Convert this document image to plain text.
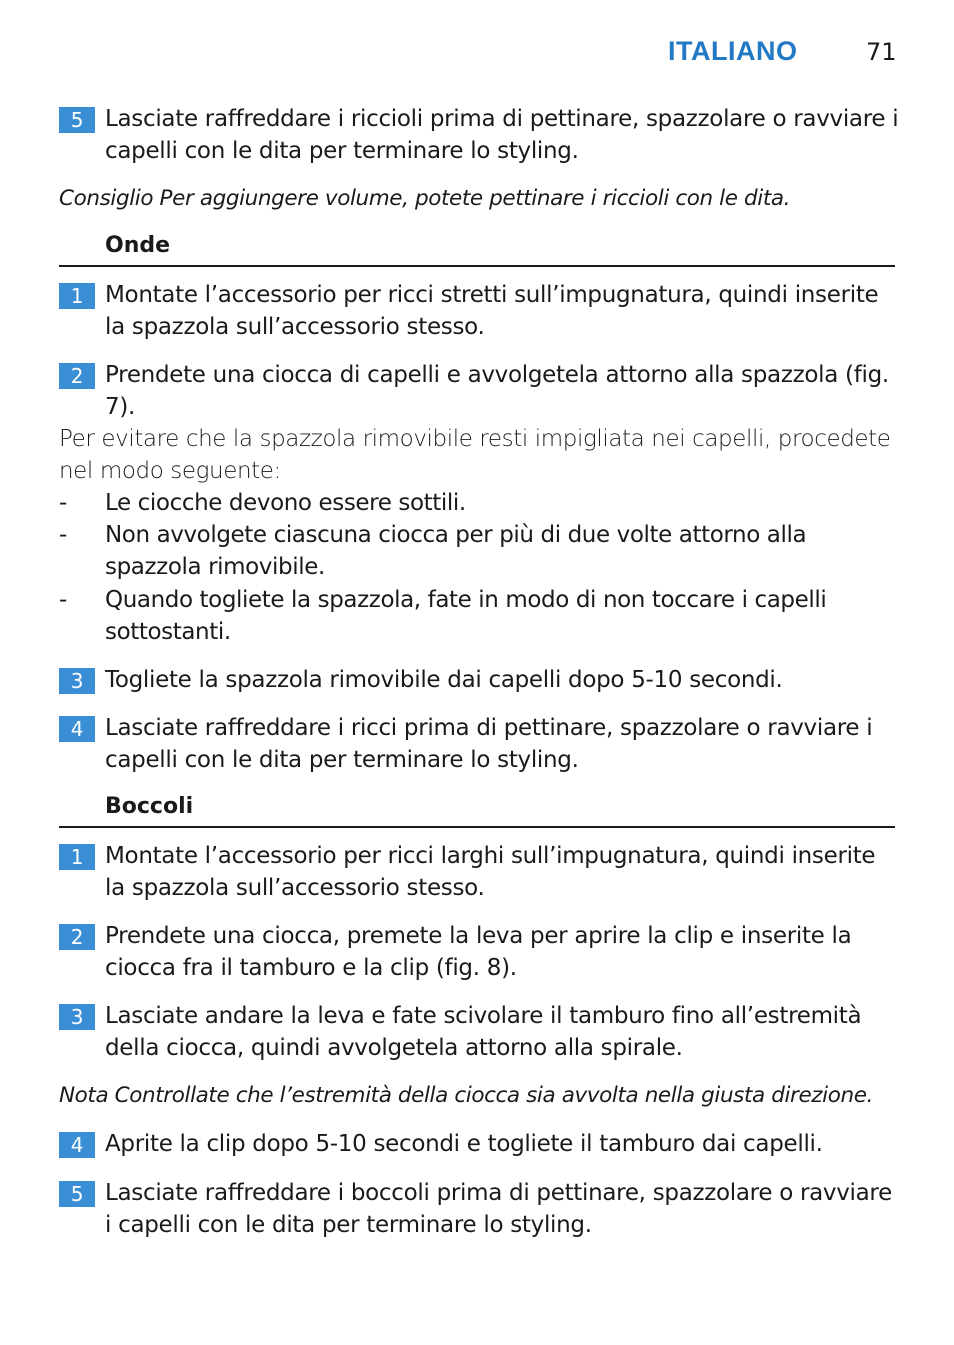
ITALIANO	71
5 Lasciate raffreddare i riccioli prima di pettinare, spazzolare o ravviare i capelli con le dita per terminare lo styling.
Consiglio Per aggiungere volume, potete pettinare i riccioli con le dita.
Onde
1 Montate l’accessorio per ricci stretti sull’impugnatura, quindi inserite la spazzola sull’accessorio stesso.
2 Prendete una ciocca di capelli e avvolgetela attorno alla spazzola (fig. 7).
Per evitare che la spazzola rimovibile resti impigliata nei capelli, procedete nel modo seguente:
- Le ciocche devono essere sottili.
- Non avvolgete ciascuna ciocca per più di due volte attorno alla spazzola rimovibile.
- Quando togliete la spazzola, fate in modo di non toccare i capelli sottostanti.
3 Togliete la spazzola rimovibile dai capelli dopo 5-10 secondi.
4 Lasciate raffreddare i ricci prima di pettinare, spazzolare o ravviare i capelli con le dita per terminare lo styling.
Boccoli
1 Montate l’accessorio per ricci larghi sull’impugnatura, quindi inserite la spazzola sull’accessorio stesso.
2 Prendete una ciocca, premete la leva per aprire la clip e inserite la ciocca fra il tamburo e la clip (fig. 8).
3 Lasciate andare la leva e fate scivolare il tamburo fino all’estremità della ciocca, quindi avvolgetela attorno alla spirale.
Nota Controllate che l’estremità della ciocca sia avvolta nella giusta direzione.
4 Aprite la clip dopo 5-10 secondi e togliete il tamburo dai capelli.
5 Lasciate raffreddare i boccoli prima di pettinare, spazzolare o ravviare i capelli con le dita per terminare lo styling.
